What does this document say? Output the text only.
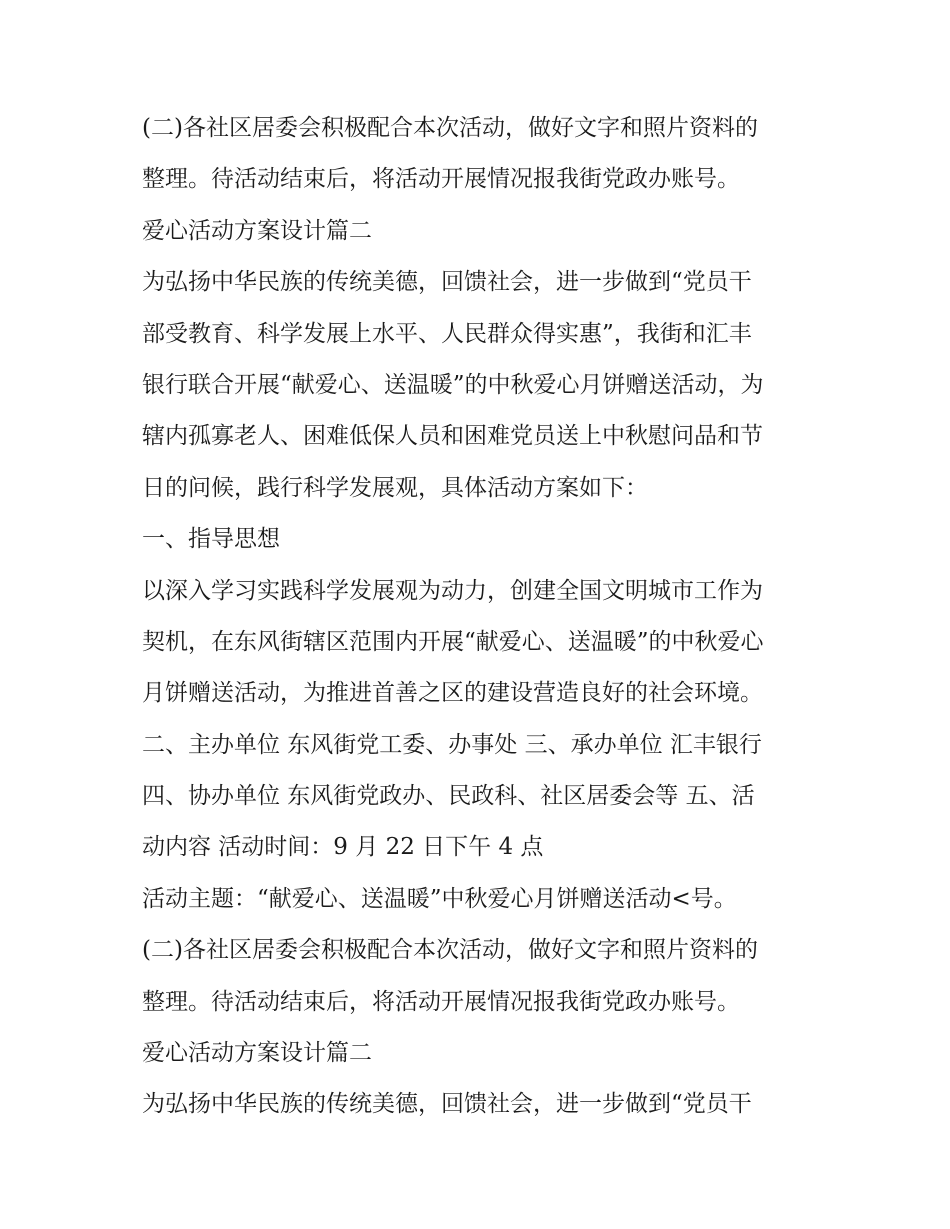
(二)各社区居委会积极配合本次活动，做好文字和照片资料的
整理。待活动结束后，将活动开展情况报我街党政办账号。
爱心活动方案设计篇二
为弘扬中华民族的传统美德，回馈社会，进一步做到“党员干
部受教育、科学发展上水平、人民群众得实惠”，我街和汇丰
银行联合开展“献爱心、送温暖”的中秋爱心月饼赠送活动，为
辖内孤寡老人、困难低保人员和困难党员送上中秋慰问品和节
日的问候，践行科学发展观，具体活动方案如下：
一、指导思想
以深入学习实践科学发展观为动力，创建全国文明城市工作为
契机，在东风街辖区范围内开展“献爱心、送温暖”的中秋爱心
月饼赠送活动，为推进首善之区的建设营造良好的社会环境。
二、主办单位 东风街党工委、办事处 三、承办单位 汇丰银行
四、协办单位 东风街党政办、民政科、社区居委会等 五、活
动内容 活动时间：9 月 22 日下午 4 点
活动主题：“献爱心、送温暖”中秋爱心月饼赠送活动<号。
(二)各社区居委会积极配合本次活动，做好文字和照片资料的
整理。待活动结束后，将活动开展情况报我街党政办账号。
爱心活动方案设计篇二
为弘扬中华民族的传统美德，回馈社会，进一步做到“党员干
